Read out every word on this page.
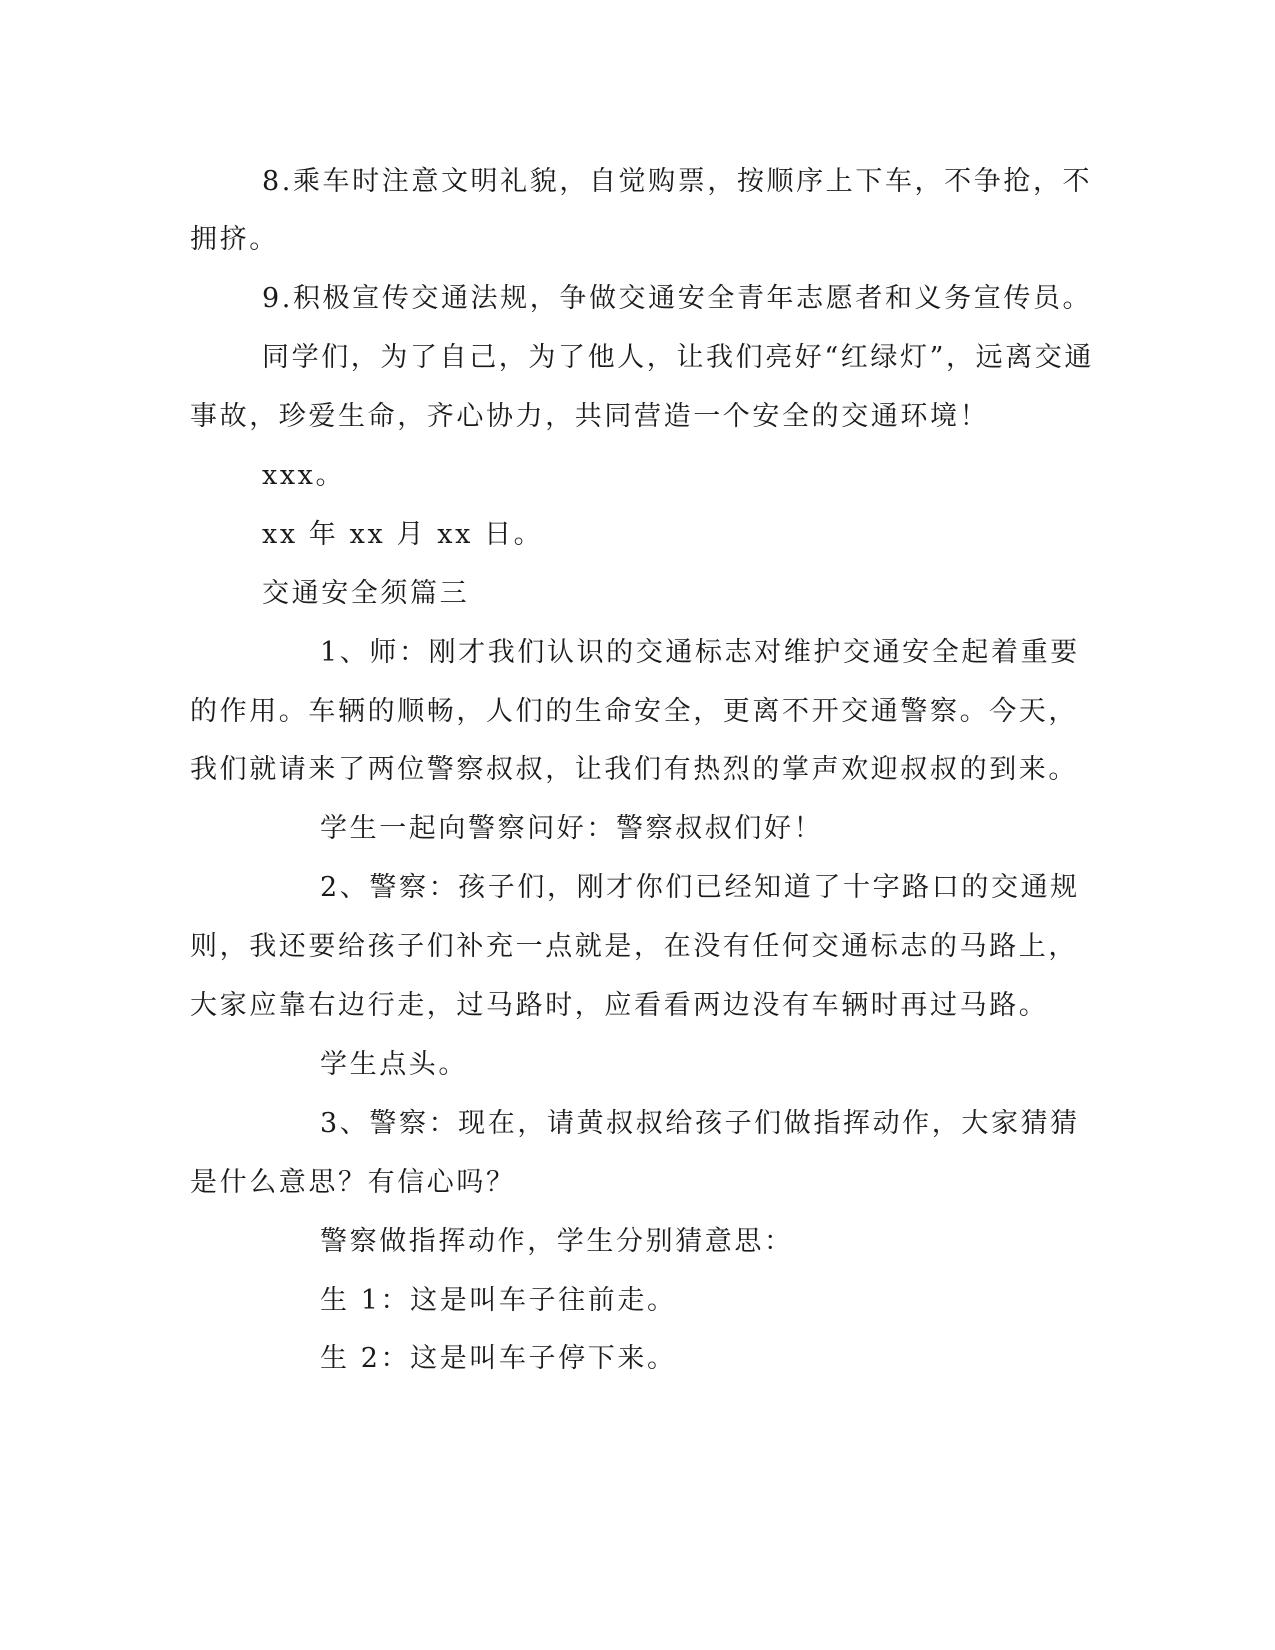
8.乘车时注意文明礼貌，自觉购票，按顺序上下车，不争抢，不
拥挤。
9.积极宣传交通法规，争做交通安全青年志愿者和义务宣传员。
同学们，为了自己，为了他人，让我们亮好“红绿灯”，远离交通
事故，珍爱生命，齐心协力，共同营造一个安全的交通环境！
xxx。
xx 年 xx 月 xx 日。
交通安全须篇三
1、师：刚才我们认识的交通标志对维护交通安全起着重要
的作用。车辆的顺畅，人们的生命安全，更离不开交通警察。今天，
我们就请来了两位警察叔叔，让我们有热烈的掌声欢迎叔叔的到来。
学生一起向警察问好：警察叔叔们好！
2、警察：孩子们，刚才你们已经知道了十字路口的交通规
则，我还要给孩子们补充一点就是，在没有任何交通标志的马路上，
大家应靠右边行走，过马路时，应看看两边没有车辆时再过马路。
学生点头。
3、警察：现在，请黄叔叔给孩子们做指挥动作，大家猜猜
是什么意思？有信心吗？
警察做指挥动作，学生分别猜意思：
生 1：这是叫车子往前走。
生 2：这是叫车子停下来。
